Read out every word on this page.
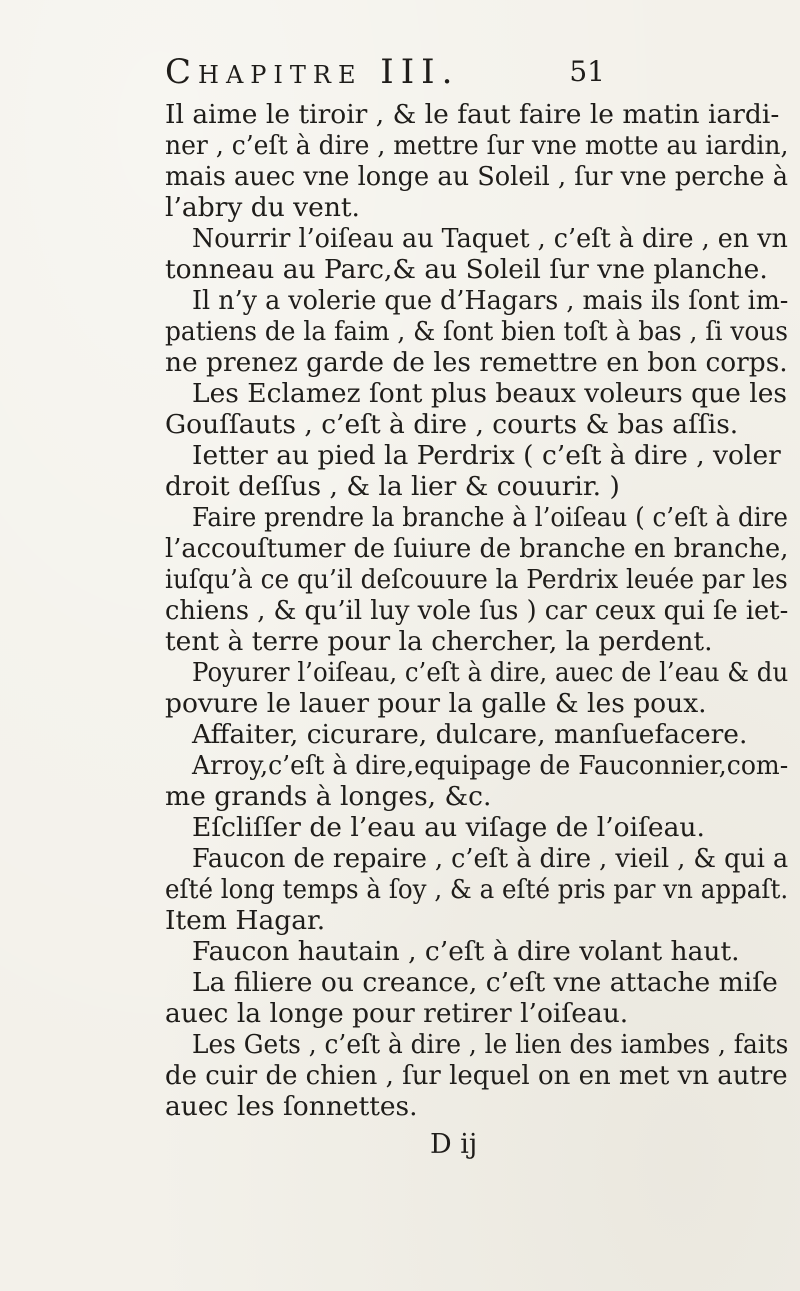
Chapitre III.	51
Il aime le tiroir , & le faut faire le matin iardi-
ner , c’eſt à dire , mettre ſur vne motte au iardin,
mais auec vne longe au Soleil , ſur vne perche à
l’abry du vent.
Nourrir l’oiſeau au Taquet , c’eſt à dire , en vn
tonneau au Parc,& au Soleil ſur vne planche.
Il n’y a volerie que d’Hagars , mais ils ſont im-
patiens de la faim , & ſont bien toſt à bas , ſi vous
ne prenez garde de les remettre en bon corps.
Les Eclamez ſont plus beaux voleurs que les
Gouſſauts , c’eſt à dire , courts & bas aſſis.
Ietter au pied la Perdrix ( c’eſt à dire , voler
droit deſſus , & la lier & couurir. )
Faire prendre la branche à l’oiſeau ( c’eſt à dire
l’accouſtumer de ſuiure de branche en branche,
iuſqu’à ce qu’il deſcouure la Perdrix leuée par les
chiens , & qu’il luy vole ſus ) car ceux qui ſe iet-
tent à terre pour la chercher, la perdent.
Poyurer l’oiſeau, c’eſt à dire, auec de l’eau & du
povure le lauer pour la galle & les poux.
Affaiter, cicurare, dulcare, manſuefacere.
Arroy,c’eſt à dire,equipage de Fauconnier,com-
me grands à longes, &c.
Eſcliſſer de l’eau au viſage de l’oiſeau.
Faucon de repaire , c’eſt à dire , vieil , & qui a
eſté long temps à ſoy , & a eſté pris par vn appaſt.
Item Hagar.
Faucon hautain , c’eſt à dire volant haut.
La filiere ou creance, c’eſt vne attache miſe
auec la longe pour retirer l’oiſeau.
Les Gets , c’eſt à dire , le lien des iambes , faits
de cuir de chien , ſur lequel on en met vn autre
auec les ſonnettes.
D ij
